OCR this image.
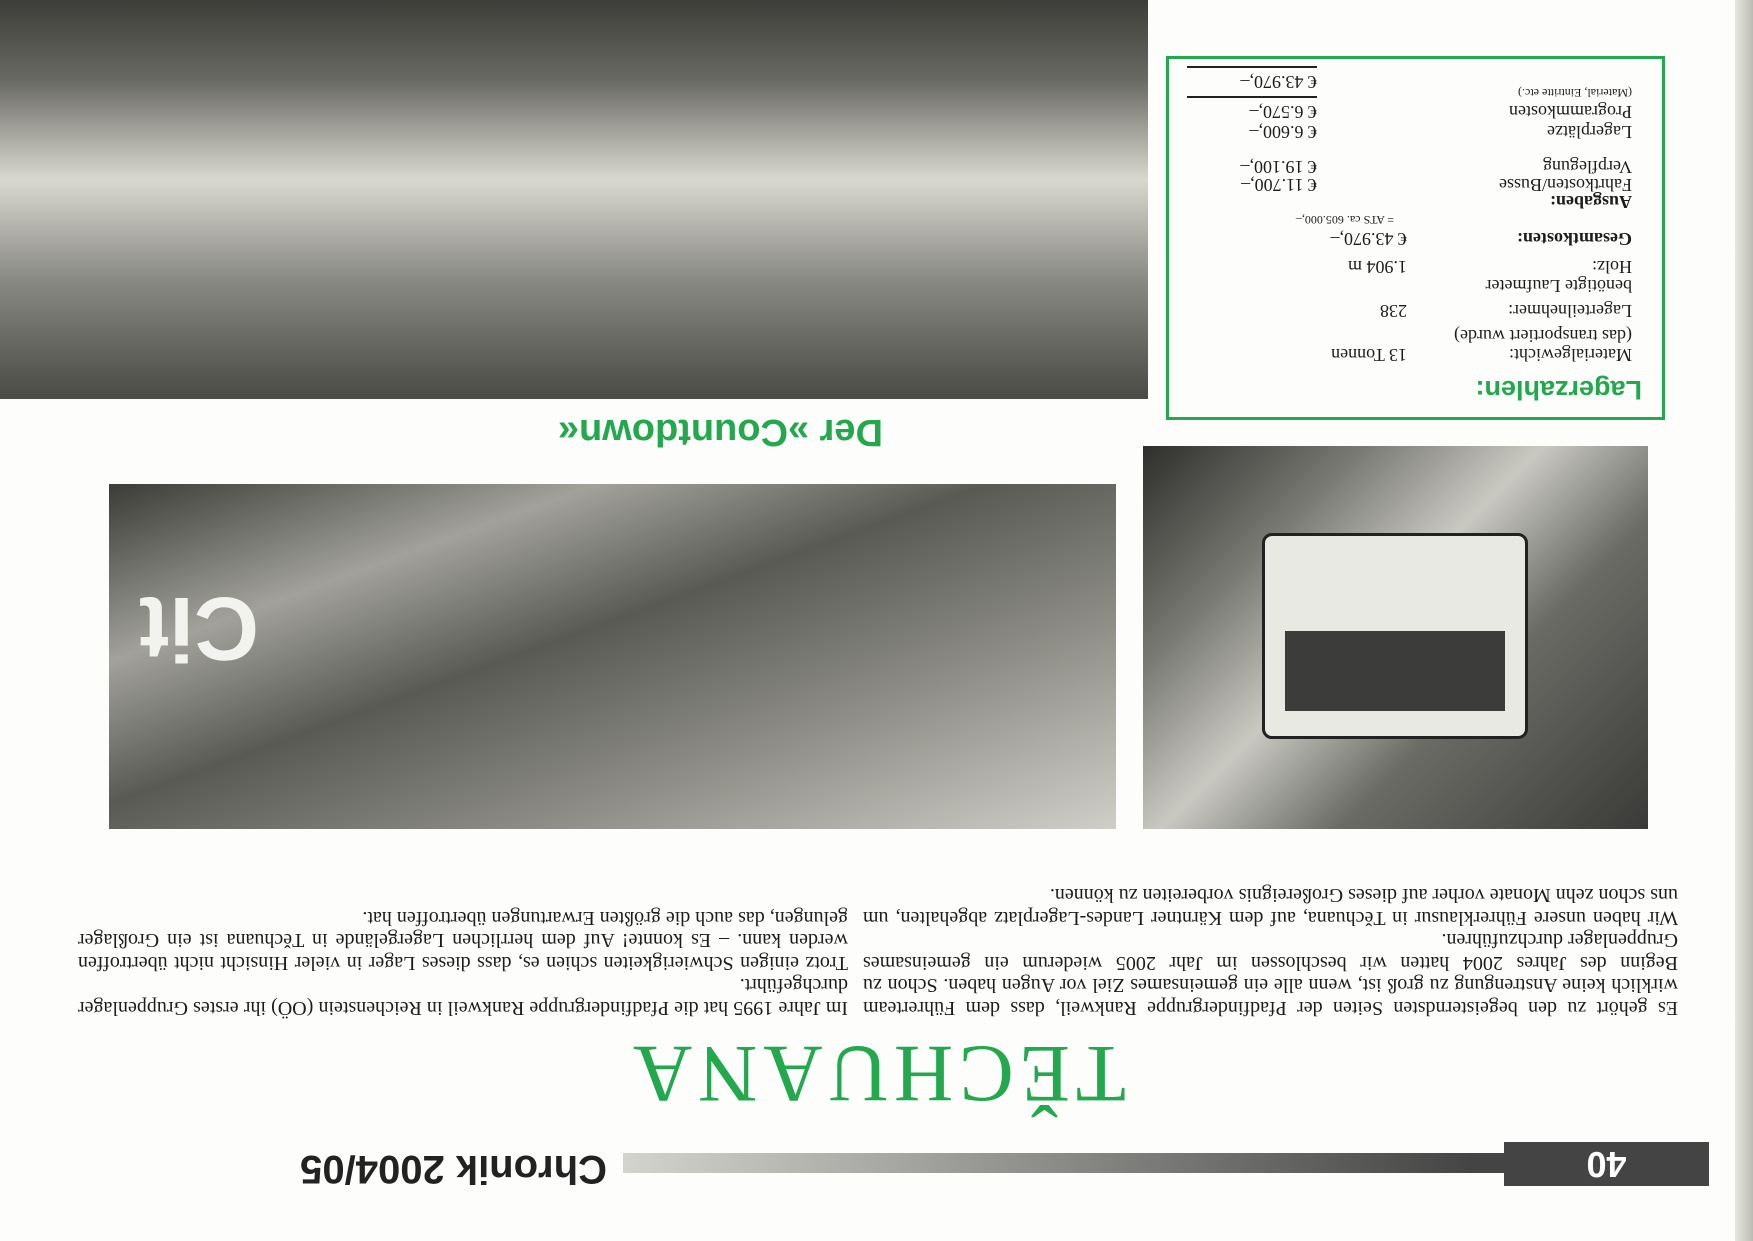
40
Chronik 2004/05
TĚCHUANA

Es gehört zu den begeisterndsten Seiten der Pfadfindergruppe Rankweil, dass dem Führerteam wirklich keine Anstrengung zu groß ist, wenn alle ein gemeinsames Ziel vor Augen haben. Schon zu Beginn des Jahres 2004 hatten wir beschlossen im Jahr 2005 wiederum ein gemeinsames Gruppenlager durchzuführen.

Wir haben unsere Führerklausur in Těchuana, auf dem Kärntner Landes-Lagerplatz abgehalten, um uns schon zehn Monate vorher auf dieses Großereignis vorbereiten zu können.

Im Jahre 1995 hat die Pfadfindergruppe Rankweil in Reichenstein (OÖ) ihr erstes Gruppenlager durchgeführt.

Trotz einigen Schwierigkeiten schien es, dass dieses Lager in vieler Hinsicht nicht übertroffen werden kann. – Es konnte! Auf dem herrlichen Lagergelände in Těchuana ist ein Großlager gelungen, das auch die größten Erwartungen übertroffen hat.

Cit
Der »Countdown«
Lagerzahlen:
Materialgewicht:
13 Tonnen
(das transportiert wurde)
Lagerteilnehmer:
238
benötigte Laufmeter
Holz:
1.904 m
Gesamtkosten:
€ 43.970,–
= ATS ca. 605.000,–
Ausgaben:
Fahrtkosten/Busse
€ 11.700,–
Verpflegung
€ 19.100,–
Lagerplätze
€ 6.600,–
Programmkosten
€ 6.570,–
(Material, Eintritte etc.)
€ 43.970,–
